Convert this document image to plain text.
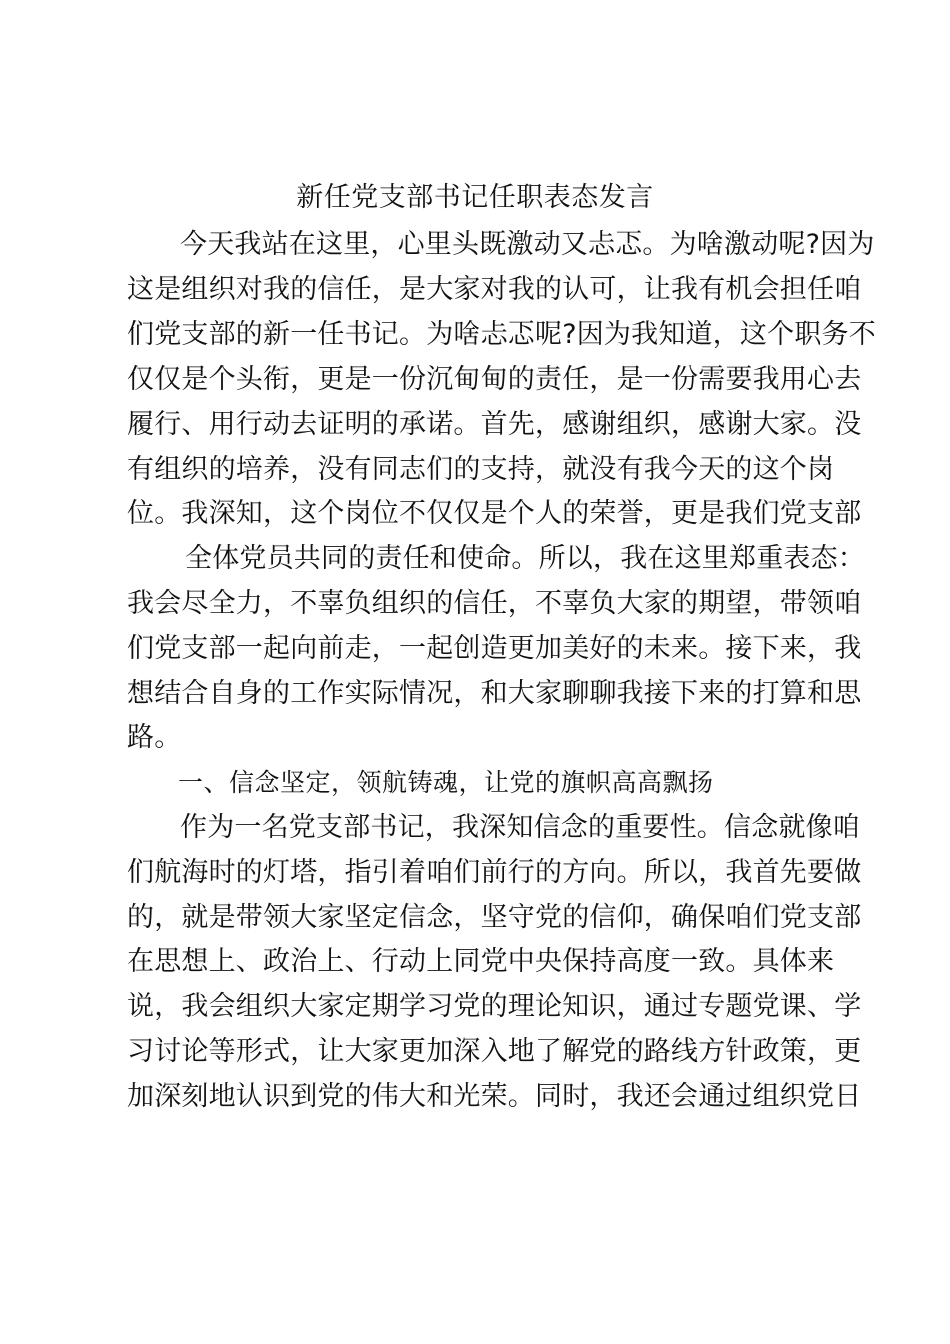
新任党支部书记任职表态发言
今天我站在这里，心里头既激动又忐忑。为啥激动呢?因为
这是组织对我的信任，是大家对我的认可，让我有机会担任咱
们党支部的新一任书记。为啥忐忑呢?因为我知道，这个职务不
仅仅是个头衔，更是一份沉甸甸的责任，是一份需要我用心去
履行、用行动去证明的承诺。首先，感谢组织，感谢大家。没
有组织的培养，没有同志们的支持，就没有我今天的这个岗
位。我深知，这个岗位不仅仅是个人的荣誉，更是我们党支部
全体党员共同的责任和使命。所以，我在这里郑重表态：
我会尽全力，不辜负组织的信任，不辜负大家的期望，带领咱
们党支部一起向前走，一起创造更加美好的未来。接下来，我
想结合自身的工作实际情况，和大家聊聊我接下来的打算和思
路。
一、信念坚定，领航铸魂，让党的旗帜高高飘扬
作为一名党支部书记，我深知信念的重要性。信念就像咱
们航海时的灯塔，指引着咱们前行的方向。所以，我首先要做
的，就是带领大家坚定信念，坚守党的信仰，确保咱们党支部
在思想上、政治上、行动上同党中央保持高度一致。具体来
说，我会组织大家定期学习党的理论知识，通过专题党课、学
习讨论等形式，让大家更加深入地了解党的路线方针政策，更
加深刻地认识到党的伟大和光荣。同时，我还会通过组织党日
